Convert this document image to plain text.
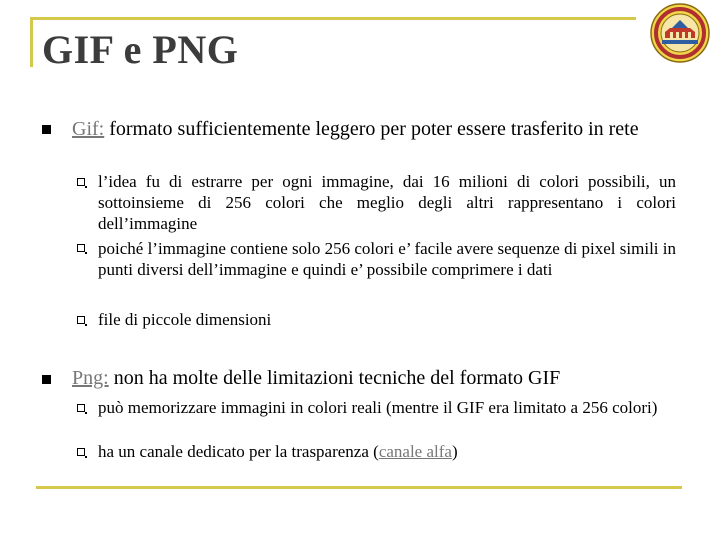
GIF e PNG
Gif: formato sufficientemente leggero per poter essere trasferito in rete
l’idea fu di estrarre per ogni immagine, dai 16 milioni di colori possibili, un sottoinsieme di 256 colori che meglio degli altri rappresentano i colori dell’immagine
poiché l’immagine contiene solo 256 colori e’ facile avere sequenze di pixel simili in punti diversi dell’immagine e quindi e’ possibile comprimere i dati
file di piccole dimensioni
Png: non ha molte delle limitazioni tecniche del formato GIF
può memorizzare immagini in colori reali (mentre il GIF era limitato a 256 colori)
ha un canale dedicato per la trasparenza (canale alfa)
